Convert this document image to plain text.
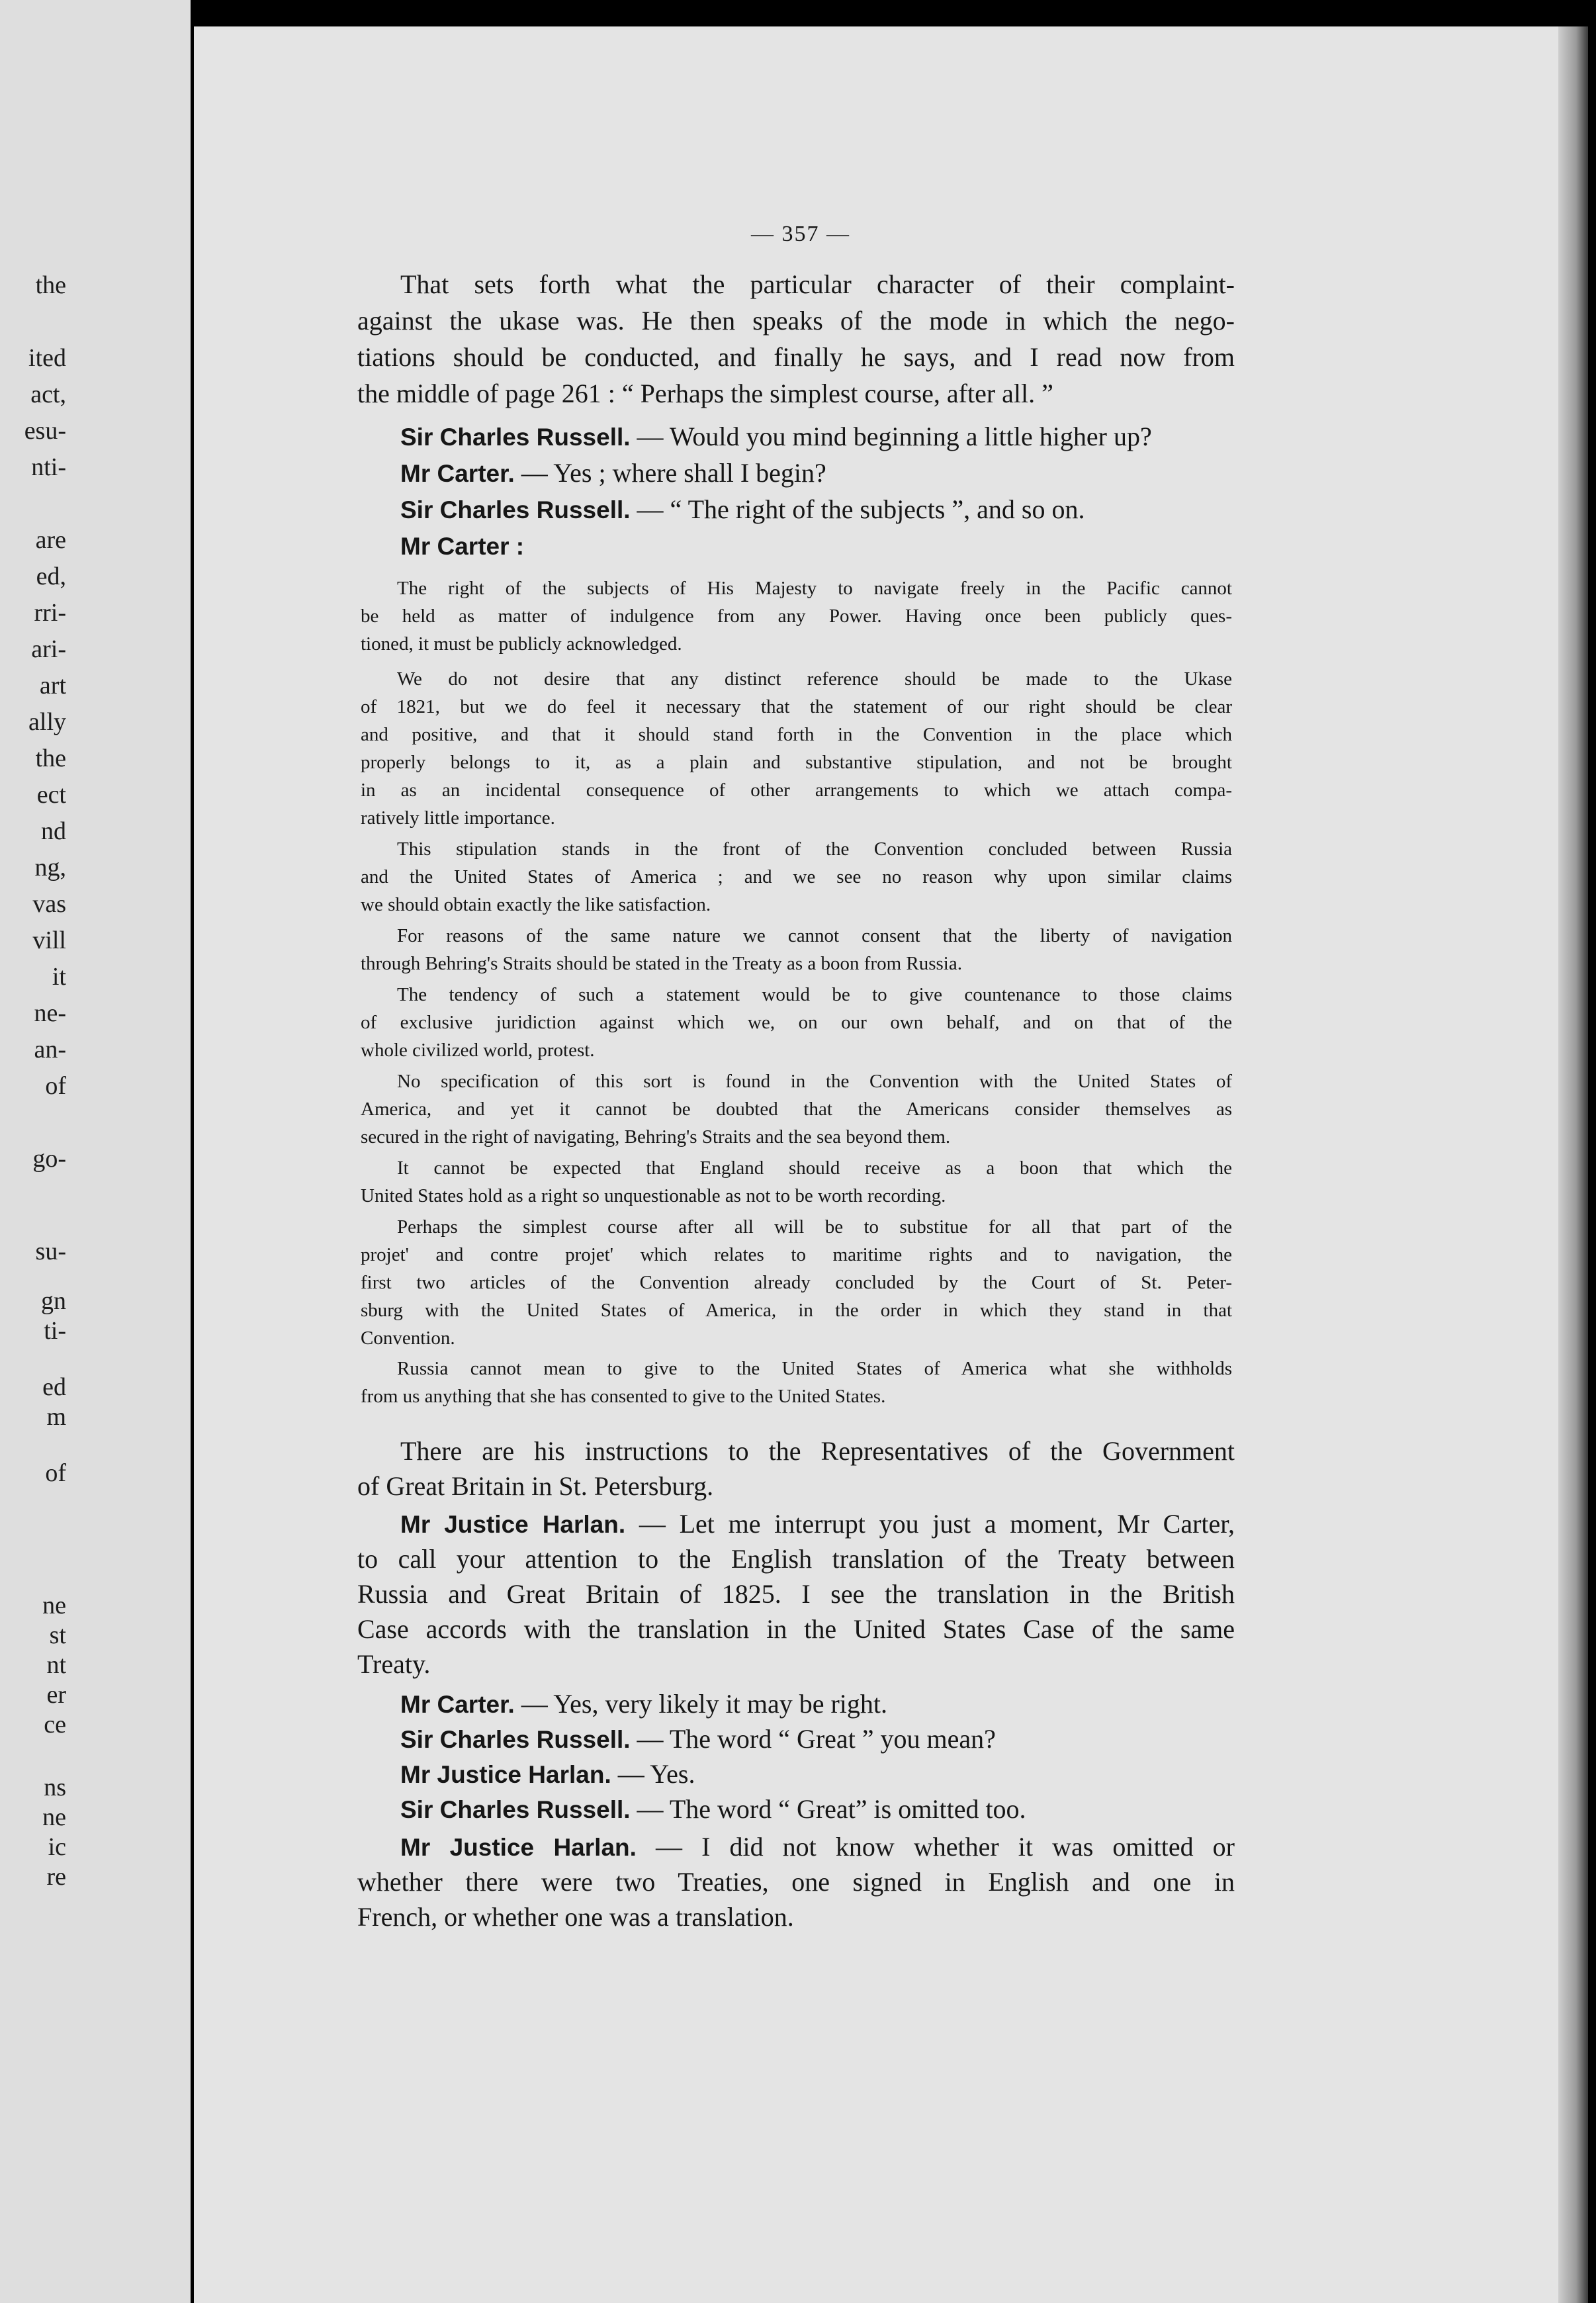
— 357 —
the
ited
act,
esu-
nti-
are
ed,
rri-
ari-
art
ally
the
ect
nd
ng,
vas
vill
it
ne-
an-
of
go-
su-
gn
ti-
ed
m
of
ne
st
nt
er
ce
ns
ne
ic
re
That sets forth what the particular character of their complaint-
against the ukase was. He then speaks of the mode in which the nego-
tiations should be conducted, and finally he says, and I read now from
the middle of page 261 : “ Perhaps the simplest course, after all. ”
Sir Charles Russell. — Would you mind beginning a little higher up?
Mr Carter. — Yes ; where shall I begin?
Sir Charles Russell. — “ The right of the subjects ”, and so on.
Mr Carter :
The right of the subjects of His Majesty to navigate freely in the Pacific cannot
be held as matter of indulgence from any Power. Having once been publicly ques-
tioned, it must be publicly acknowledged.
We do not desire that any distinct reference should be made to the Ukase
of 1821, but we do feel it necessary that the statement of our right should be clear
and positive, and that it should stand forth in the Convention in the place which
properly belongs to it, as a plain and substantive stipulation, and not be brought
in as an incidental consequence of other arrangements to which we attach compa-
ratively little importance.
This stipulation stands in the front of the Convention concluded between Russia
and the United States of America ; and we see no reason why upon similar claims
we should obtain exactly the like satisfaction.
For reasons of the same nature we cannot consent that the liberty of navigation
through Behring's Straits should be stated in the Treaty as a boon from Russia.
The tendency of such a statement would be to give countenance to those claims
of exclusive juridiction against which we, on our own behalf, and on that of the
whole civilized world, protest.
No specification of this sort is found in the Convention with the United States of
America, and yet it cannot be doubted that the Americans consider themselves as
secured in the right of navigating, Behring's Straits and the sea beyond them.
It cannot be expected that England should receive as a boon that which the
United States hold as a right so unquestionable as not to be worth recording.
Perhaps the simplest course after all will be to substitue for all that part of the
projet' and contre projet' which relates to maritime rights and to navigation, the
first two articles of the Convention already concluded by the Court of St. Peter-
sburg with the United States of America, in the order in which they stand in that
Convention.
Russia cannot mean to give to the United States of America what she withholds
from us anything that she has consented to give to the United States.
There are his instructions to the Representatives of the Government
of Great Britain in St. Petersburg.
Mr Justice Harlan. — Let me interrupt you just a moment, Mr Carter,
to call your attention to the English translation of the Treaty between
Russia and Great Britain of 1825. I see the translation in the British
Case accords with the translation in the United States Case of the same
Treaty.
Mr Carter. — Yes, very likely it may be right.
Sir Charles Russell. — The word “ Great ” you mean?
Mr Justice Harlan. — Yes.
Sir Charles Russell. — The word “ Great” is omitted too.
Mr Justice Harlan. — I did not know whether it was omitted or
whether there were two Treaties, one signed in English and one in
French, or whether one was a translation.
